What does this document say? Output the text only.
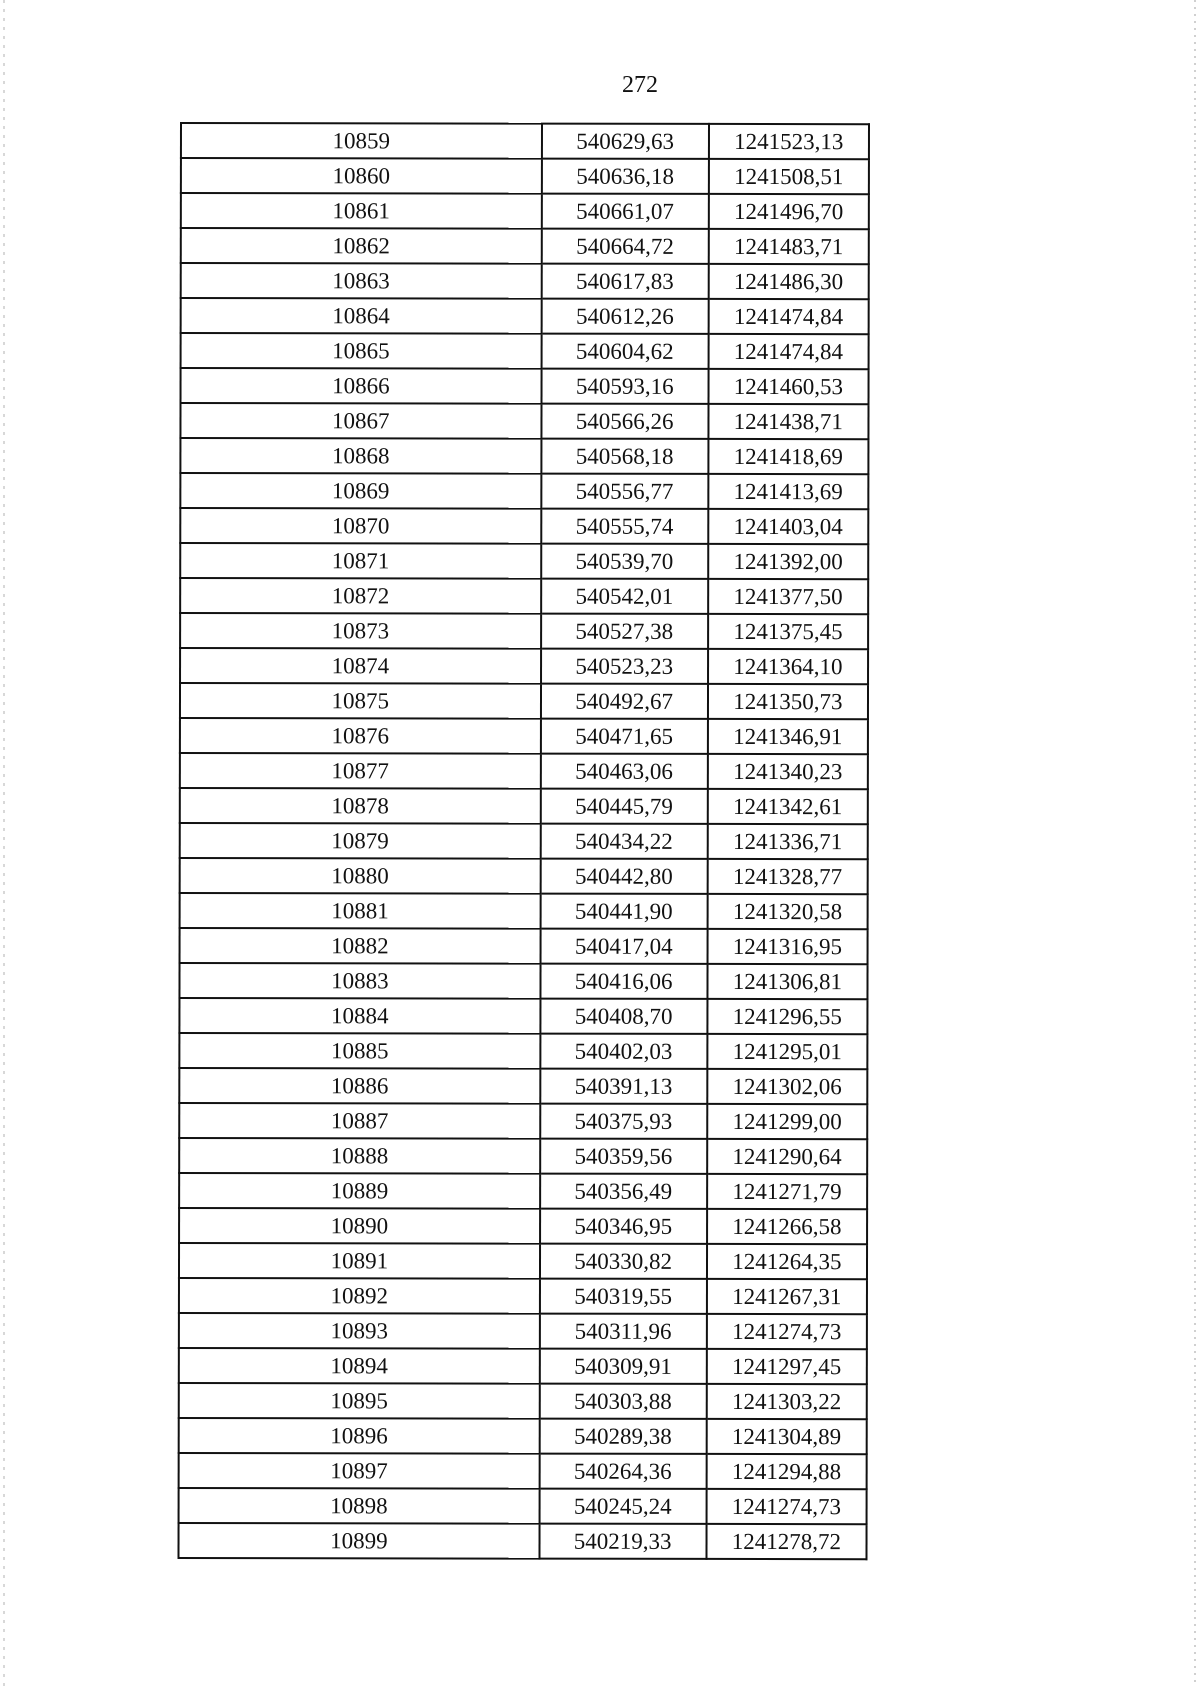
272
10859	540629,63	1241523,13
10860	540636,18	1241508,51
10861	540661,07	1241496,70
10862	540664,72	1241483,71
10863	540617,83	1241486,30
10864	540612,26	1241474,84
10865	540604,62	1241474,84
10866	540593,16	1241460,53
10867	540566,26	1241438,71
10868	540568,18	1241418,69
10869	540556,77	1241413,69
10870	540555,74	1241403,04
10871	540539,70	1241392,00
10872	540542,01	1241377,50
10873	540527,38	1241375,45
10874	540523,23	1241364,10
10875	540492,67	1241350,73
10876	540471,65	1241346,91
10877	540463,06	1241340,23
10878	540445,79	1241342,61
10879	540434,22	1241336,71
10880	540442,80	1241328,77
10881	540441,90	1241320,58
10882	540417,04	1241316,95
10883	540416,06	1241306,81
10884	540408,70	1241296,55
10885	540402,03	1241295,01
10886	540391,13	1241302,06
10887	540375,93	1241299,00
10888	540359,56	1241290,64
10889	540356,49	1241271,79
10890	540346,95	1241266,58
10891	540330,82	1241264,35
10892	540319,55	1241267,31
10893	540311,96	1241274,73
10894	540309,91	1241297,45
10895	540303,88	1241303,22
10896	540289,38	1241304,89
10897	540264,36	1241294,88
10898	540245,24	1241274,73
10899	540219,33	1241278,72
